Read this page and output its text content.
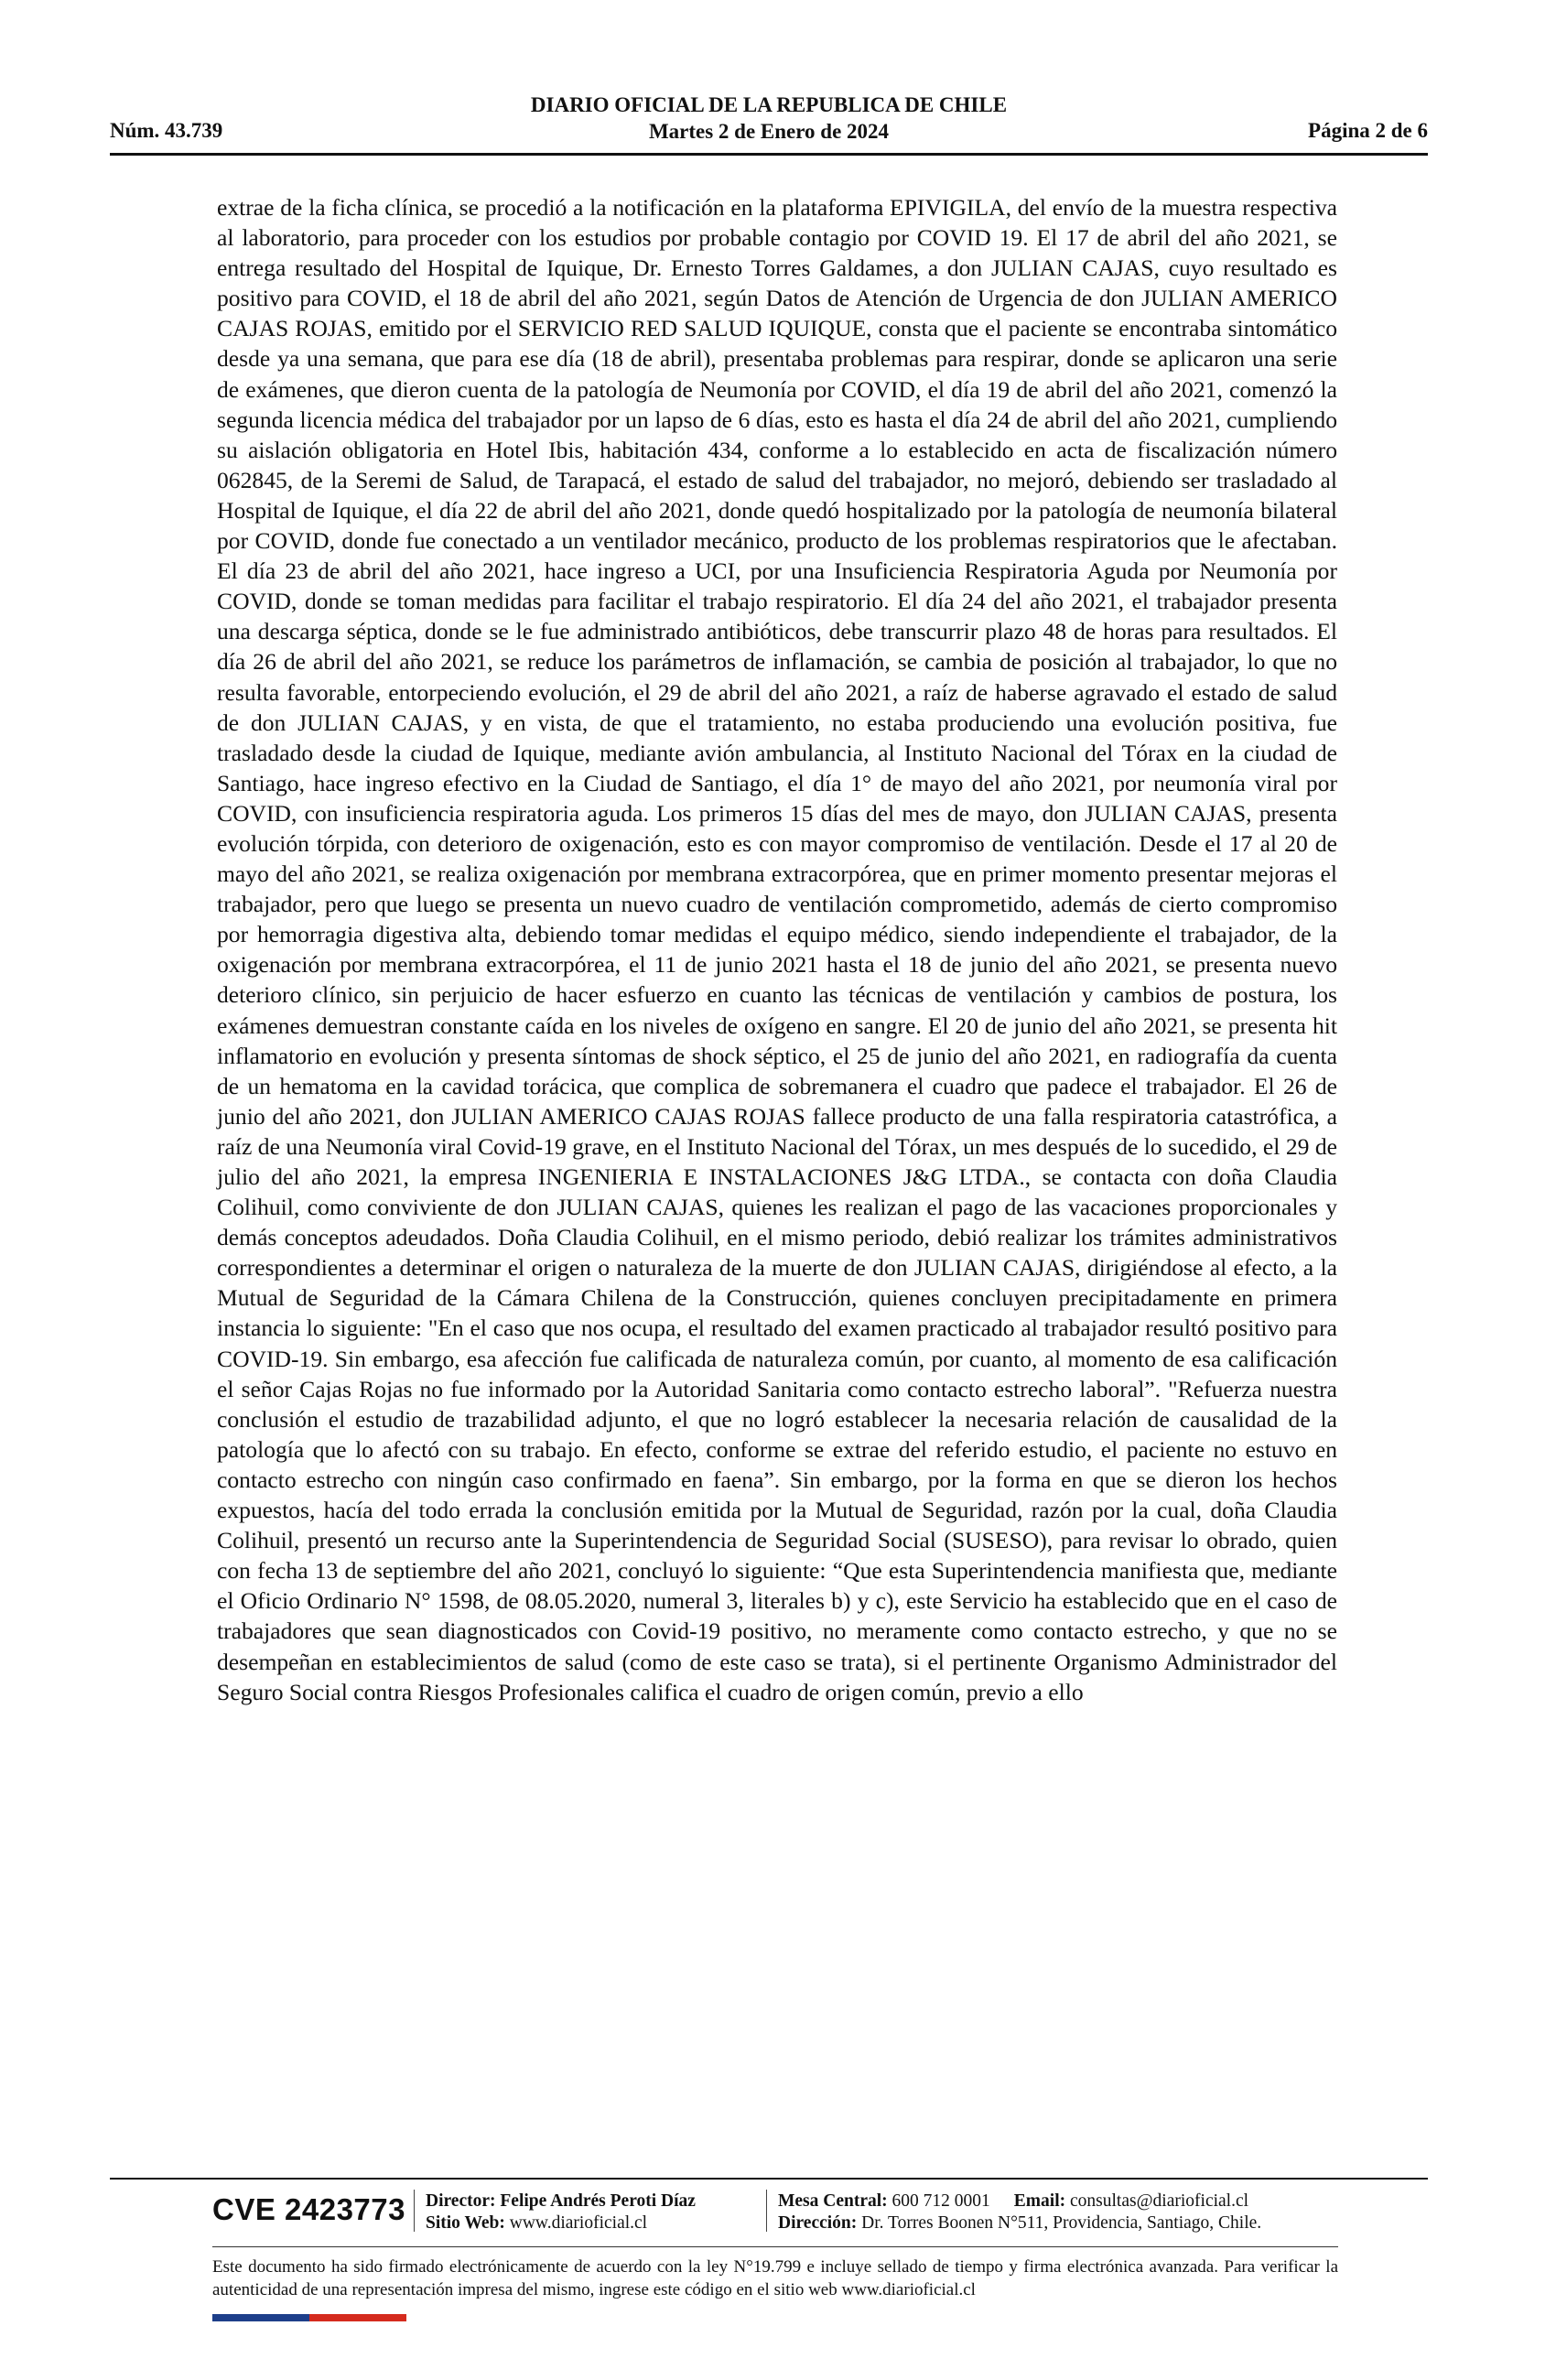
DIARIO OFICIAL DE LA REPUBLICA DE CHILE
Martes 2 de Enero de 2024
Núm. 43.739	Página 2 de 6

extrae de la ficha clínica, se procedió a la notificación en la plataforma EPIVIGILA, del envío de la muestra respectiva al laboratorio, para proceder con los estudios por probable contagio por COVID 19. El 17 de abril del año 2021, se entrega resultado del Hospital de Iquique, Dr. Ernesto Torres Galdames, a don JULIAN CAJAS, cuyo resultado es positivo para COVID, el 18 de abril del año 2021, según Datos de Atención de Urgencia de don JULIAN AMERICO CAJAS ROJAS, emitido por el SERVICIO RED SALUD IQUIQUE, consta que el paciente se encontraba sintomático desde ya una semana, que para ese día (18 de abril), presentaba problemas para respirar, donde se aplicaron una serie de exámenes, que dieron cuenta de la patología de Neumonía por COVID, el día 19 de abril del año 2021, comenzó la segunda licencia médica del trabajador por un lapso de 6 días, esto es hasta el día 24 de abril del año 2021, cumpliendo su aislación obligatoria en Hotel Ibis, habitación 434, conforme a lo establecido en acta de fiscalización número 062845, de la Seremi de Salud, de Tarapacá, el estado de salud del trabajador, no mejoró, debiendo ser trasladado al Hospital de Iquique, el día 22 de abril del año 2021, donde quedó hospitalizado por la patología de neumonía bilateral por COVID, donde fue conectado a un ventilador mecánico, producto de los problemas respiratorios que le afectaban. El día 23 de abril del año 2021, hace ingreso a UCI, por una Insuficiencia Respiratoria Aguda por Neumonía por COVID, donde se toman medidas para facilitar el trabajo respiratorio. El día 24 del año 2021, el trabajador presenta una descarga séptica, donde se le fue administrado antibióticos, debe transcurrir plazo 48 de horas para resultados. El día 26 de abril del año 2021, se reduce los parámetros de inflamación, se cambia de posición al trabajador, lo que no resulta favorable, entorpeciendo evolución, el 29 de abril del año 2021, a raíz de haberse agravado el estado de salud de don JULIAN CAJAS, y en vista, de que el tratamiento, no estaba produciendo una evolución positiva, fue trasladado desde la ciudad de Iquique, mediante avión ambulancia, al Instituto Nacional del Tórax en la ciudad de Santiago, hace ingreso efectivo en la Ciudad de Santiago, el día 1° de mayo del año 2021, por neumonía viral por COVID, con insuficiencia respiratoria aguda. Los primeros 15 días del mes de mayo, don JULIAN CAJAS, presenta evolución tórpida, con deterioro de oxigenación, esto es con mayor compromiso de ventilación. Desde el 17 al 20 de mayo del año 2021, se realiza oxigenación por membrana extracorpórea, que en primer momento presentar mejoras el trabajador, pero que luego se presenta un nuevo cuadro de ventilación comprometido, además de cierto compromiso por hemorragia digestiva alta, debiendo tomar medidas el equipo médico, siendo independiente el trabajador, de la oxigenación por membrana extracorpórea, el 11 de junio 2021 hasta el 18 de junio del año 2021, se presenta nuevo deterioro clínico, sin perjuicio de hacer esfuerzo en cuanto las técnicas de ventilación y cambios de postura, los exámenes demuestran constante caída en los niveles de oxígeno en sangre. El 20 de junio del año 2021, se presenta hit inflamatorio en evolución y presenta síntomas de shock séptico, el 25 de junio del año 2021, en radiografía da cuenta de un hematoma en la cavidad torácica, que complica de sobremanera el cuadro que padece el trabajador. El 26 de junio del año 2021, don JULIAN AMERICO CAJAS ROJAS fallece producto de una falla respiratoria catastrófica, a raíz de una Neumonía viral Covid-19 grave, en el Instituto Nacional del Tórax, un mes después de lo sucedido, el 29 de julio del año 2021, la empresa INGENIERIA E INSTALACIONES J&G LTDA., se contacta con doña Claudia Colihuil, como conviviente de don JULIAN CAJAS, quienes les realizan el pago de las vacaciones proporcionales y demás conceptos adeudados. Doña Claudia Colihuil, en el mismo periodo, debió realizar los trámites administrativos correspondientes a determinar el origen o naturaleza de la muerte de don JULIAN CAJAS, dirigiéndose al efecto, a la Mutual de Seguridad de la Cámara Chilena de la Construcción, quienes concluyen precipitadamente en primera instancia lo siguiente: "En el caso que nos ocupa, el resultado del examen practicado al trabajador resultó positivo para COVID-19. Sin embargo, esa afección fue calificada de naturaleza común, por cuanto, al momento de esa calificación el señor Cajas Rojas no fue informado por la Autoridad Sanitaria como contacto estrecho laboral”. "Refuerza nuestra conclusión el estudio de trazabilidad adjunto, el que no logró establecer la necesaria relación de causalidad de la patología que lo afectó con su trabajo. En efecto, conforme se extrae del referido estudio, el paciente no estuvo en contacto estrecho con ningún caso confirmado en faena”. Sin embargo, por la forma en que se dieron los hechos expuestos, hacía del todo errada la conclusión emitida por la Mutual de Seguridad, razón por la cual, doña Claudia Colihuil, presentó un recurso ante la Superintendencia de Seguridad Social (SUSESO), para revisar lo obrado, quien con fecha 13 de septiembre del año 2021, concluyó lo siguiente: “Que esta Superintendencia manifiesta que, mediante el Oficio Ordinario N° 1598, de 08.05.2020, numeral 3, literales b) y c), este Servicio ha establecido que en el caso de trabajadores que sean diagnosticados con Covid-19 positivo, no meramente como contacto estrecho, y que no se desempeñan en establecimientos de salud (como de este caso se trata), si el pertinente Organismo Administrador del Seguro Social contra Riesgos Profesionales califica el cuadro de origen común, previo a ello

CVE 2423773 Director: Felipe Andrés Peroti Díaz
Sitio Web: www.diarioficial.cl
Mesa Central: 600 712 0001 Email: consultas@diarioficial.cl
Dirección: Dr. Torres Boonen N°511, Providencia, Santiago, Chile.
Este documento ha sido firmado electrónicamente de acuerdo con la ley N°19.799 e incluye sellado de tiempo y firma electrónica avanzada. Para verificar la autenticidad de una representación impresa del mismo, ingrese este código en el sitio web www.diarioficial.cl
